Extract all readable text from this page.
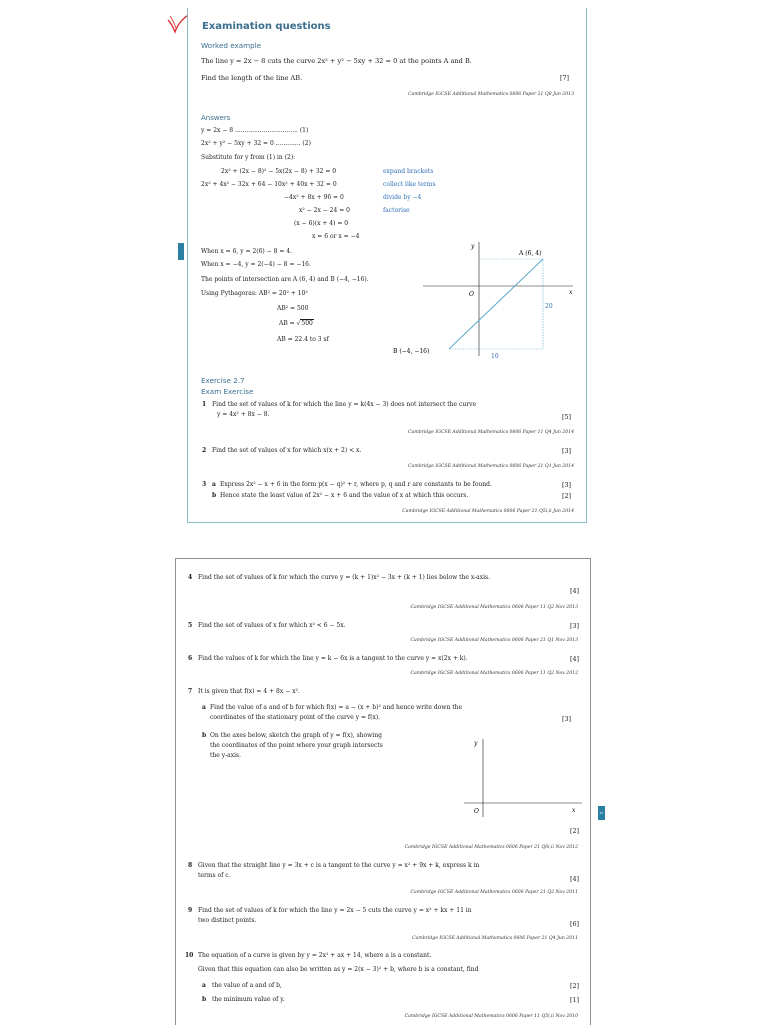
Examination questions
Worked example
The line y = 2x − 8 cuts the curve 2x² + y² − 5xy + 32 = 0 at the points A and B.
Find the length of the line AB.	[7]
Cambridge IGCSE Additional Mathematics 0606 Paper 21 Q8 Jun 2013
Answers
y = 2x − 8 ................................. (1)
2x² + y² − 5xy + 32 = 0 ............. (2)
Substitute for y from (1) in (2):
2x² + (2x − 8)² − 5x(2x − 8) + 32 = 0	expand brackets
2x² + 4x² − 32x + 64 − 10x² + 40x + 32 = 0	collect like terms
−4x² + 8x + 96 = 0	divide by −4
x² − 2x − 24 = 0	factorise
(x − 6)(x + 4) = 0
x = 6 or x = −4
When x = 6, y = 2(6) − 8 = 4.
When x = −4, y = 2(−4) − 8 = −16.
The points of intersection are A (6, 4) and B (−4, −16).
Using Pythagoras: AB² = 20² + 10²
AB² = 500
AB = √500
AB = 22.4 to 3 sf
y
x
O
A (6, 4)
B (−4, −16)
20
10
Exercise 2.7
Exam Exercise
1 Find the set of values of k for which the line y = k(4x − 3) does not intersect the curve
y = 4x² + 8x − 8.	[5]
Cambridge IGCSE Additional Mathematics 0606 Paper 11 Q4 Jun 2014
2 Find the set of values of x for which x(x + 2) < x.	[3]
Cambridge IGCSE Additional Mathematics 0606 Paper 21 Q1 Jun 2014
3 a Express 2x² − x + 6 in the form p(x − q)² + r, where p, q and r are constants to be found.	[3]
b Hence state the least value of 2x² − x + 6 and the value of x at which this occurs.	[2]
Cambridge IGCSE Additional Mathematics 0606 Paper 21 Q5i,ii Jun 2014
4 Find the set of values of k for which the curve y = (k + 1)x² − 3x + (k + 1) lies below the x-axis.
[4]
Cambridge IGCSE Additional Mathematics 0606 Paper 11 Q2 Nov 2013
5 Find the set of values of x for which x² < 6 − 5x.	[3]
Cambridge IGCSE Additional Mathematics 0606 Paper 21 Q1 Nov 2013
6 Find the values of k for which the line y = k − 6x is a tangent to the curve y = x(2x + k).	[4]
Cambridge IGCSE Additional Mathematics 0606 Paper 11 Q2 Nov 2012
7 It is given that f(x) = 4 + 8x − x².
a Find the value of a and of b for which f(x) = a − (x + b)² and hence write down the
coordinates of the stationary point of the curve y = f(x).	[3]
b On the axes below, sketch the graph of y = f(x), showing
the coordinates of the point where your graph intersects
the y-axis.
y
x
O
[2]
Cambridge IGCSE Additional Mathematics 0606 Paper 21 Q6i,ii Nov 2012
8 Given that the straight line y = 3x + c is a tangent to the curve y = x² + 9x + k, express k in
terms of c.	[4]
Cambridge IGCSE Additional Mathematics 0606 Paper 21 Q2 Nov 2011
9 Find the set of values of k for which the line y = 2x − 5 cuts the curve y = x² + kx + 11 in
two distinct points.	[6]
Cambridge IGCSE Additional Mathematics 0606 Paper 21 Q4 Jun 2011
10 The equation of a curve is given by y = 2x² + ax + 14, where a is a constant.
Given that this equation can also be written as y = 2(x − 3)² + b, where b is a constant, find
a the value of a and of b,	[2]
b the minimum value of y.	[1]
Cambridge IGCSE Additional Mathematics 0606 Paper 11 Q5i,ii Nov 2010
47
